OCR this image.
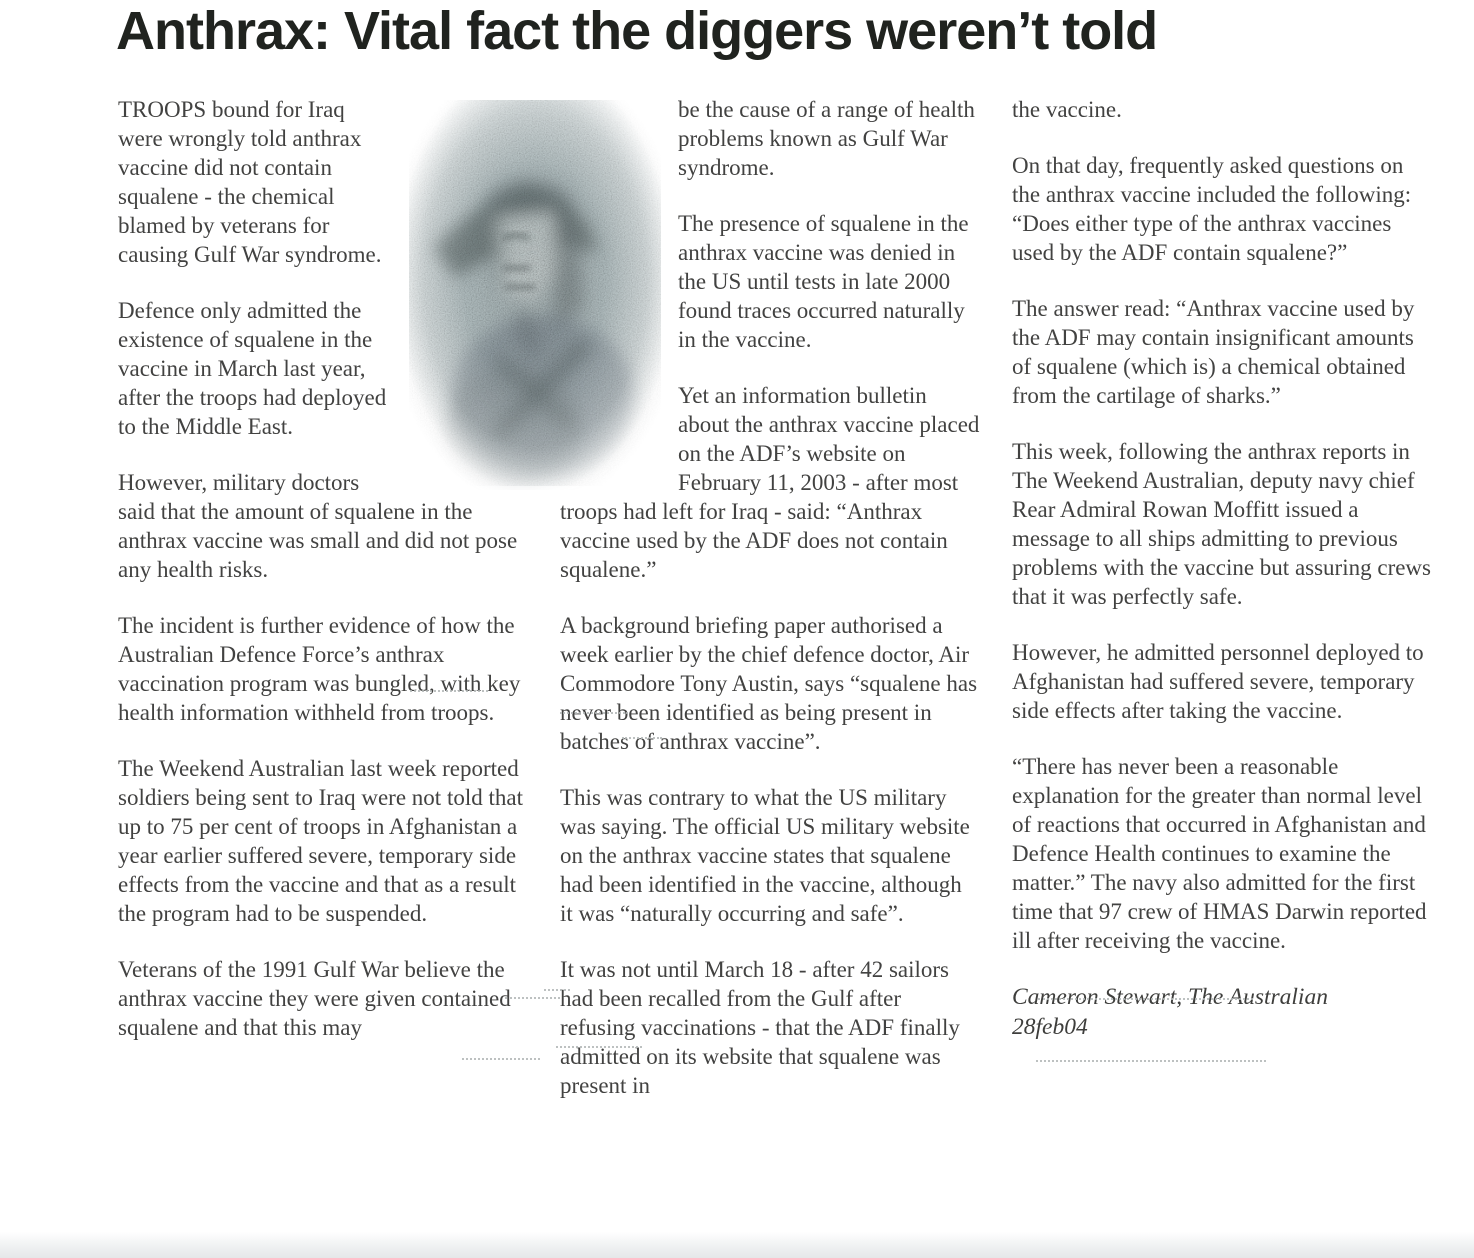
Anthrax: Vital fact the diggers weren’t told

TROOPS bound for Iraq were wrongly told anthrax vaccine did not contain squalene - the chemical blamed by veterans for causing Gulf War syndrome.

Defence only admitted the existence of squalene in the vaccine in March last year, after the troops had deployed to the Middle East.

However, military doctors said that the amount of squalene in the anthrax vaccine was small and did not pose any health risks.

The incident is further evidence of how the Australian Defence Force’s anthrax vaccination program was bungled, with key health information withheld from troops.

The Weekend Australian last week reported soldiers being sent to Iraq were not told that up to 75 per cent of troops in Afghanistan a year earlier suffered severe, temporary side effects from the vaccine and that as a result the program had to be suspended.

Veterans of the 1991 Gulf War believe the anthrax vaccine they were given contained squalene and that this may

be the cause of a range of health problems known as Gulf War syndrome.

The presence of squalene in the anthrax vaccine was denied in the US until tests in late 2000 found traces occurred naturally in the vaccine.

Yet an information bulletin about the anthrax vaccine placed on the ADF’s website on February 11, 2003 - after most troops had left for Iraq - said: “Anthrax vaccine used by the ADF does not contain squalene.”

A background briefing paper authorised a week earlier by the chief defence doctor, Air Commodore Tony Austin, says “squalene has never been identified as being present in batches of anthrax vaccine”.

This was contrary to what the US military was saying. The official US military website on the anthrax vaccine states that squalene had been identified in the vaccine, although it was “naturally occurring and safe”.

It was not until March 18 - after 42 sailors had been recalled from the Gulf after refusing vaccinations - that the ADF finally admitted on its website that squalene was present in

the vaccine.

On that day, frequently asked questions on the anthrax vaccine included the following: “Does either type of the anthrax vaccines used by the ADF contain squalene?”

The answer read: “Anthrax vaccine used by the ADF may contain insignificant amounts of squalene (which is) a chemical obtained from the cartilage of sharks.”

This week, following the anthrax reports in The Weekend Australian, deputy navy chief Rear Admiral Rowan Moffitt issued a message to all ships admitting to previous problems with the vaccine but assuring crews that it was perfectly safe.

However, he admitted personnel deployed to Afghanistan had suffered severe, temporary side effects after taking the vaccine.

“There has never been a reasonable explanation for the greater than normal level of reactions that occurred in Afghanistan and Defence Health continues to examine the matter.” The navy also admitted for the first time that 97 crew of HMAS Darwin reported ill after receiving the vaccine.

Cameron Stewart, The Australian
28feb04
